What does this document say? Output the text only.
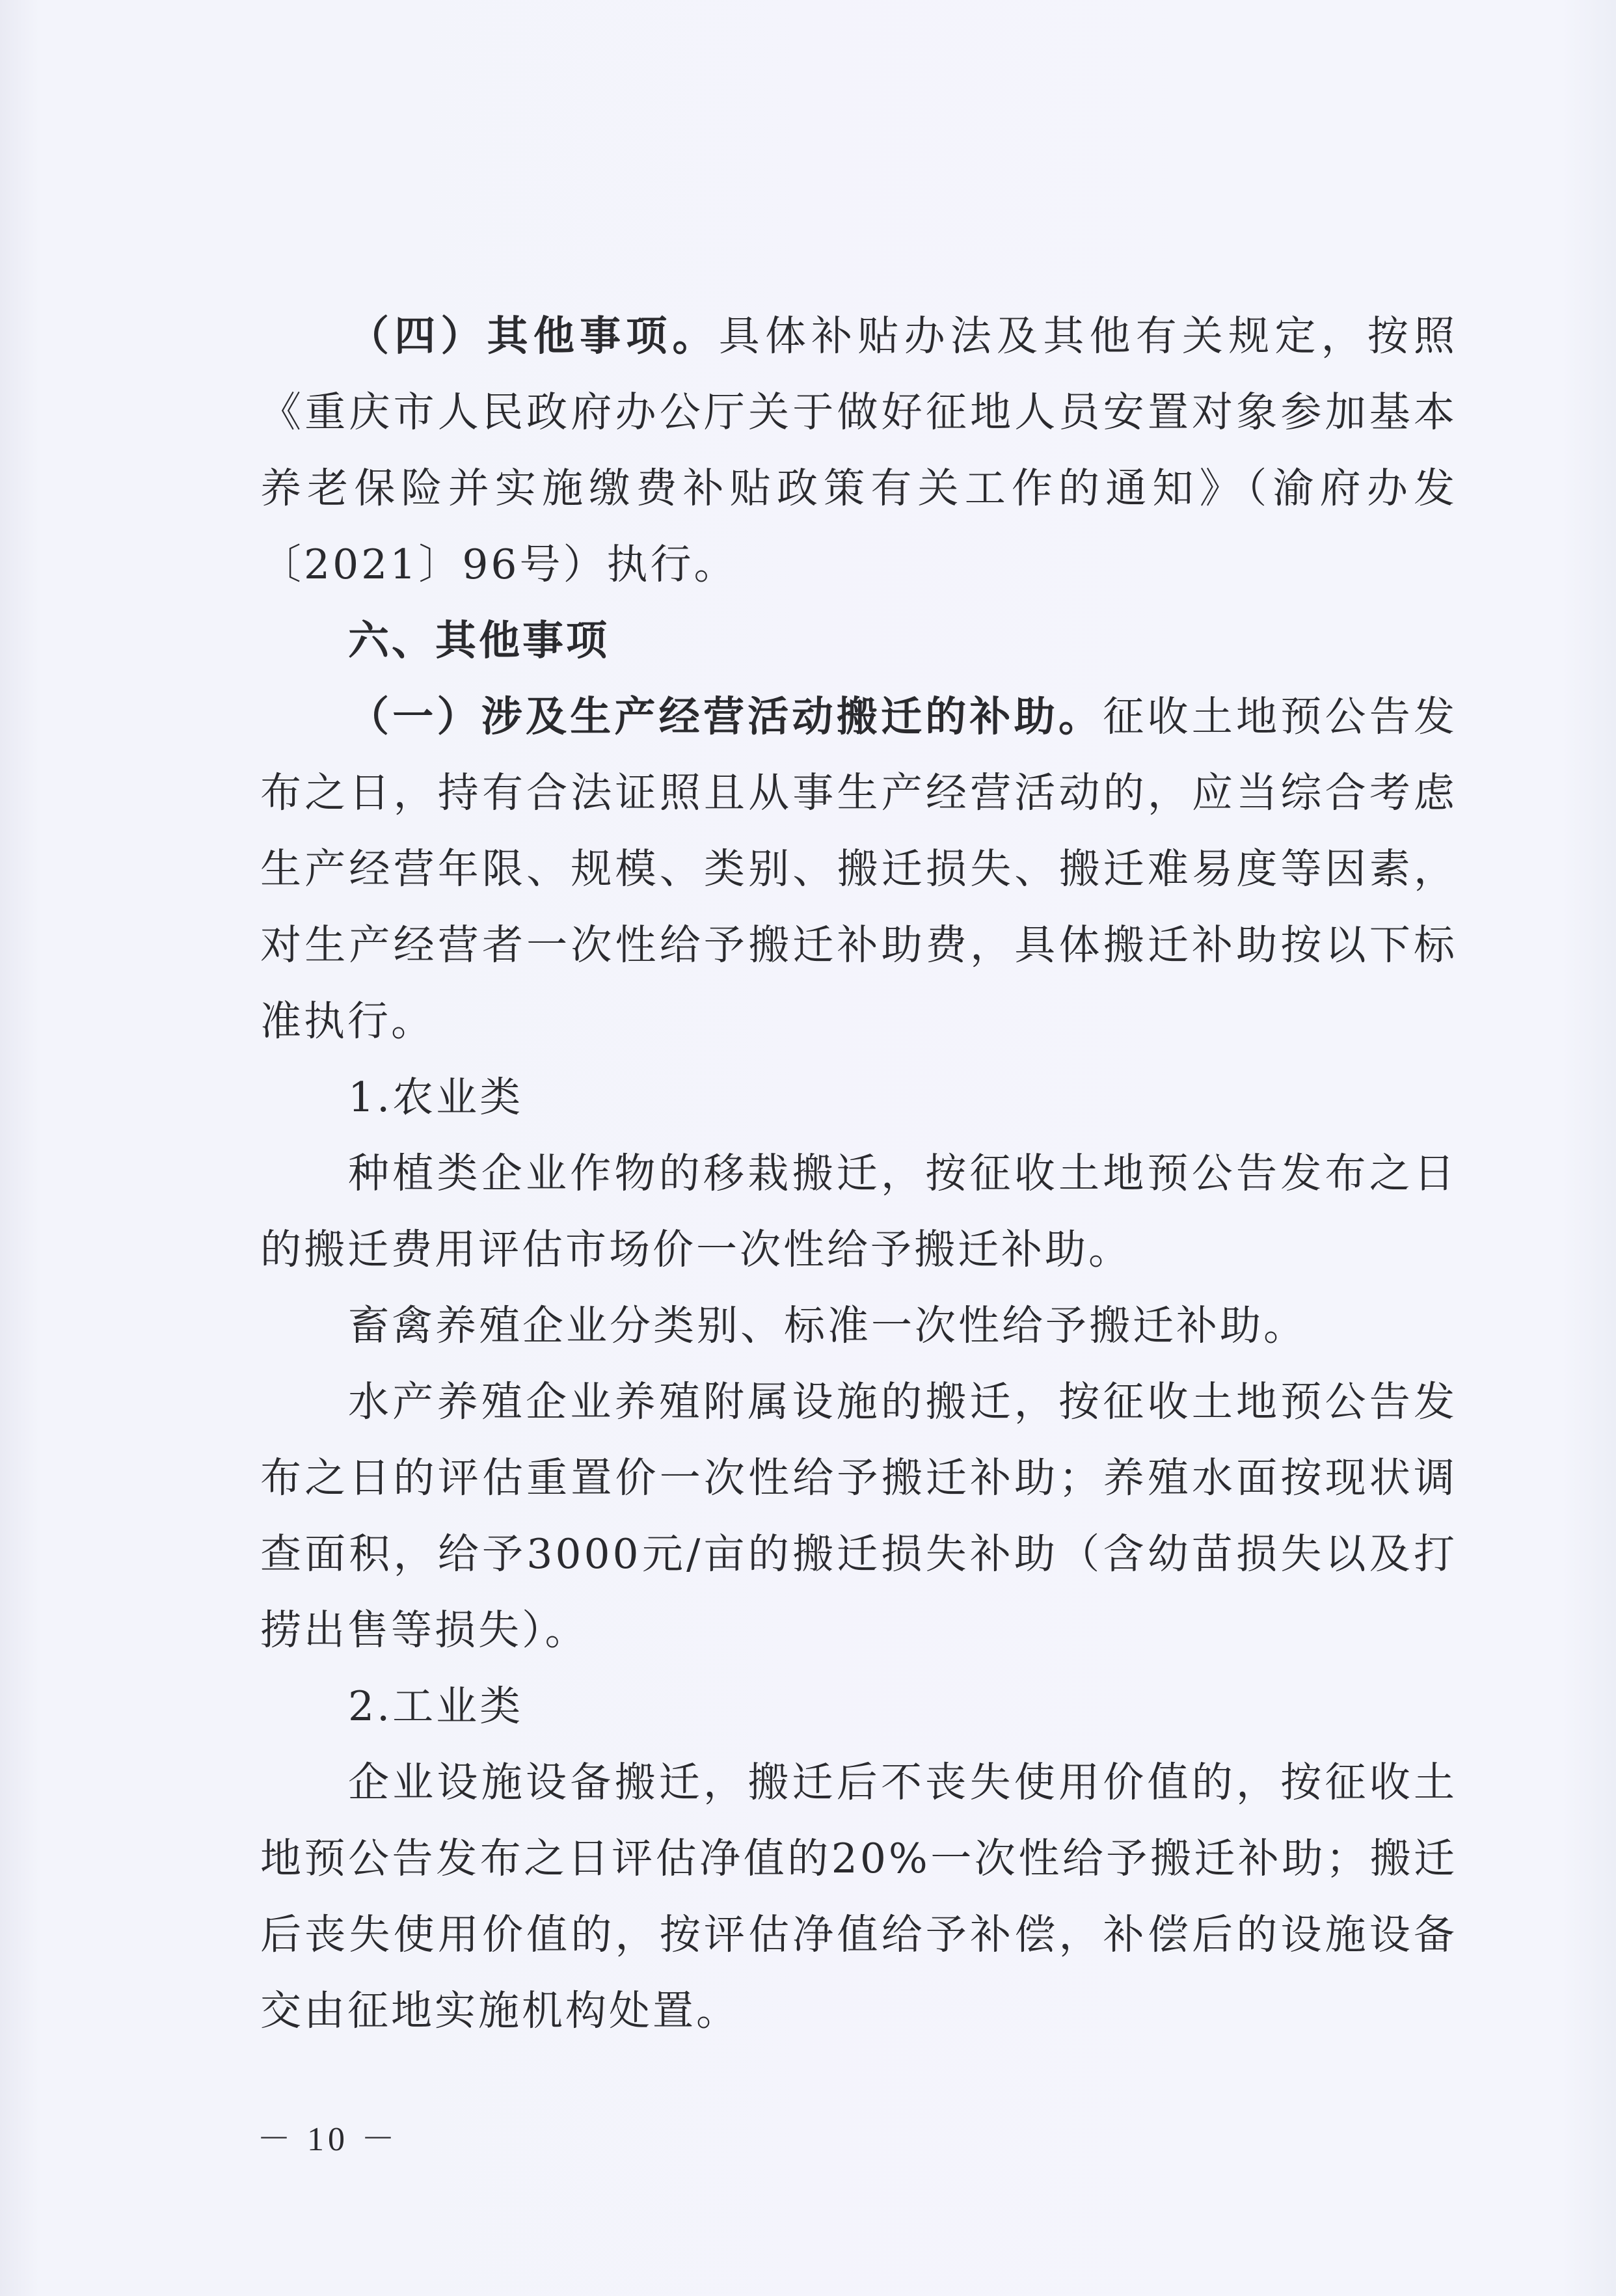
（四）其他事项。具体补贴办法及其他有关规定，按照《重庆市人民政府办公厅关于做好征地人员安置对象参加基本养老保险并实施缴费补贴政策有关工作的通知》（渝府办发〔2021〕96号）执行。

六、其他事项

（一）涉及生产经营活动搬迁的补助。征收土地预公告发布之日，持有合法证照且从事生产经营活动的，应当综合考虑生产经营年限、规模、类别、搬迁损失、搬迁难易度等因素，对生产经营者一次性给予搬迁补助费，具体搬迁补助按以下标准执行。

1.农业类

种植类企业作物的移栽搬迁，按征收土地预公告发布之日的搬迁费用评估市场价一次性给予搬迁补助。

畜禽养殖企业分类别、标准一次性给予搬迁补助。

水产养殖企业养殖附属设施的搬迁，按征收土地预公告发布之日的评估重置价一次性给予搬迁补助；养殖水面按现状调查面积，给予3000元/亩的搬迁损失补助（含幼苗损失以及打捞出售等损失）。

2.工业类

企业设施设备搬迁，搬迁后不丧失使用价值的，按征收土地预公告发布之日评估净值的20%一次性给予搬迁补助；搬迁后丧失使用价值的，按评估净值给予补偿，补偿后的设施设备交由征地实施机构处置。

－ 10 －
